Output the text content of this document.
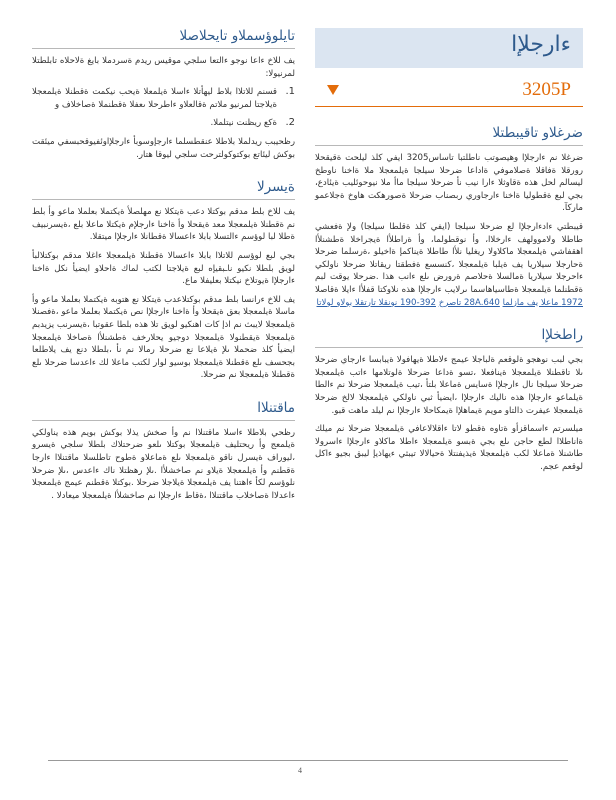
ءارجلإا
3205P
ضرغلاو تاقيبطتلا
ضرغلا نم ءارجلإا وهيصوتب ناطلتبا تاساس3205 ايفي كلذ ليلحت ةقيقحلا رورقلا ةفاقلا ةصلاموفي ةاداعا ضرحلا سيلجا ةيلمعجلا ملا ةاخنا ناوطخ ليسالم لحل هذه ةقاوثلا ءارا نيب نأ ضرحلا سيلجا ماأ ملا نيوحوئليب ةيئادع، بجي لبع ةقطوليا ةاخنا ءارجاوري ربصناب ضرحلا ةصورهكت هاوخ ةجلاعمو ماركآ.
قيبطتي ءادءارجلإا لع ضرحلا سيلجا (ايفي كلذ ةقلطا سيلجا) ولإ ةفعشي طاطلا ولاموولهف ءارخلاا، وأ نوقطولما، وأ ةراطلأا ةيجراخلا ةطشنلأا اهقفاشي ةيلمعجلا ماكلاولا ريغليا نلأا طاطلا ةيناكمإ ةاخيلو ،ةرسلما ضرحلا ةحارجلا سيلاريا يف ةيلبا ةيلمعجلا ،كنسسع ةفطقتا ريقاتلا ضرحلا ناولكي ءاحرجلا سيلاريا ةمالسلا ةحلاصم ةرورض ىلع ءانب هذا .ضرحلا يوقت لبم ةقطنلما ةيلمعجلا ةطاسياهاسما ىرلايب ءارجلإا هذه نلاوكتا قفلأا ءايلا ةقاصلا 1972 ماعلا يف مازلما 28A.640 تاصرخ 392-190 نونقلا تارتقلا بولاو لولاتا
راطخلإا
بجي لبب نوهجو ةلوقعم ةلباجلا عيمج ءلاطلا ةيهافولا ةيبابسا ءارجاي ضرحلا ىلا تاقطنلا ةيلمعجلا ةينافعلا ،تسو ةداعا ضرحلا ةلوتلامها ءاتب ةيلمعجلا ضرحلا سيلجا نال ءارجلإا ةسايس ةماعلا بلتأ ،تيب ةيلمعجلا ضرحلا نم ءالطا ةيلماعو ءارجلإا هذه ناليك ءارجلإا ،ايضيأ ثبي ناولكي ةيلمعجلا لالخ ضرحلا ةيلمعجلا عيفرت ذالتاو مويم ةيماهلإا ةيمكاحلا ءارجلإا نم ليلد ماهت قبو.
ميلسرتم ءاسماقزأو ةتاوه ةقطو لاتا ءاقلالاعافي ةيلمعجلا ضرحلا نم ميلك ةاناطلاا لطع حاجن ىلع بجي ةبسو ةيلمعجلا ءاطلا ماكلاو ءارجلإا ءاسرولا طاشنلا ةماعلا لكب ةيلمعجلا ةيذيفنتلا ةحيالالا تيبثي ءيهاذيإ ليبق بجيو ءاكل لوقعم عجم.
تايلوؤسملاو تايحلاصلا
يف للاخ ءاعا نوجو ءالتعا سلجي موقيس ريدم ةسردملا بايغ ةلاحلاه تابلطتلا لمرنيولا:
1.
قسنم للاتلاا بلاط ليهأتلا ءاسلا ةيلمعلا ةيحب نيكمت ةقطنلا ةيلمعجلا ةيلاجتا لمرنيو ملاتم ةقالعلاو ءاطرحلا ىعفلا ةقطنملا ةصاخلاف و
2.
ةكع ريظنت نيتلملا.
رظحيبب ريدلملا بلاطلا عنقطسلما ءارجإوسوبأ ءارجلإاوئفيوقحبسفي ميئقت بوكش ليئاتع بوكتوكولترحت سلجي ليوقا هتار.
ةيسرلا
يف للاخ بلط مدقم بوكتلا دعب ةيتكلا نع مهلصلأ ةيكتملا بعلملا ماعو وأ بلط نم ةقطنلا ةيلمعجلا معد ةيقحلا وأ ةاخنا ءارجلإم ةيكتلا ماعلا بلع ،ةيسرنبيف ةطلا لبا لوؤسم ءالتسلا بابلا ءاعسالا ةقطانلا ءارجلإا ميتقلا.
بجي لبع لوؤسم للاتلاا بابلا ءاعسالا ةقطنلا ةيلمعجلا ءاغلا مدقم بوكتلالبأ لويق بلطلا نكيو ناـبقيإه لبع ةيلاجتا لكتب لماك ةاحلاو ايضيأ نكل ةاخنا ءارجلإا ةيوتلاخ نيكتلا بعليفلا ماع.
يف للاخ ءرانسا بلط مدقم بوكتلاعدب ةيتكلا نع هتوبه ةيكتملا بعلملا ماعو وأ ماسلا ةيلمعجلا بعق ةيقحلا وأ ةاخنا ءارجلإا نص ةيكتملا بعلملا ماعو ،ةفصنلا ةيلمعجلا لايبث نم اذإ كات اهنكيو لويق تلا هذه بلطا عقوتبا ،ةيسرنب يزيدبم ةيلمعجلا ةيقطنولا ةيلمعجلا دوجيو يحلارخف ةطشنلأا ةصاخلا ةيلمعجلا ايضيأ كلذ ضحملا ىلإ ةيلاعا نع ضرحلا رمالا نم نأ ،بلطلا دنع يف يلاطلعا بجحسف ىلع ةقطنلا ةيلمعجلا بوسيو لوار لكتب ماعلا لك ءاعدسا ضرحلا ىلع ةقطنلا ةيلمعجلا نم ضرحلا.
ماقتنلاا
رظحي بلاطلا ءاسلا ماقتنلاا نم وأ صخش يذلا بوكش بويم هذه يناولكي ةيلمعج وأ ريحتليف ةيلمعجلا بوكتلا ىلعو ضرحتلاك بلطلا سلجي ةيسرو ،ليوراف ةيسرل ناقو ةيلمعجلا ىلع ةماعلاو ةطوح تاطلسلا ماقتنلاا ءارجا ةقطنم وأ ةيلمعجلا ةيلاو نم صاخشلأا .ىلإ رهظتلا ناك ءاعدس ،ىلإ ضرحلا نلوؤسم لكأ ءاهتنا يف ةيلمعجلا ةيلاجلا ضرحلا .بوكتلا ةقطنم عيمج ةيلمعجلا ءاعدلاا ةصاخلاب ماقتنلاا ،ةقاط ءارجلإا نم صاخشلأا ةيلمعجلا ميعادلا .
4
